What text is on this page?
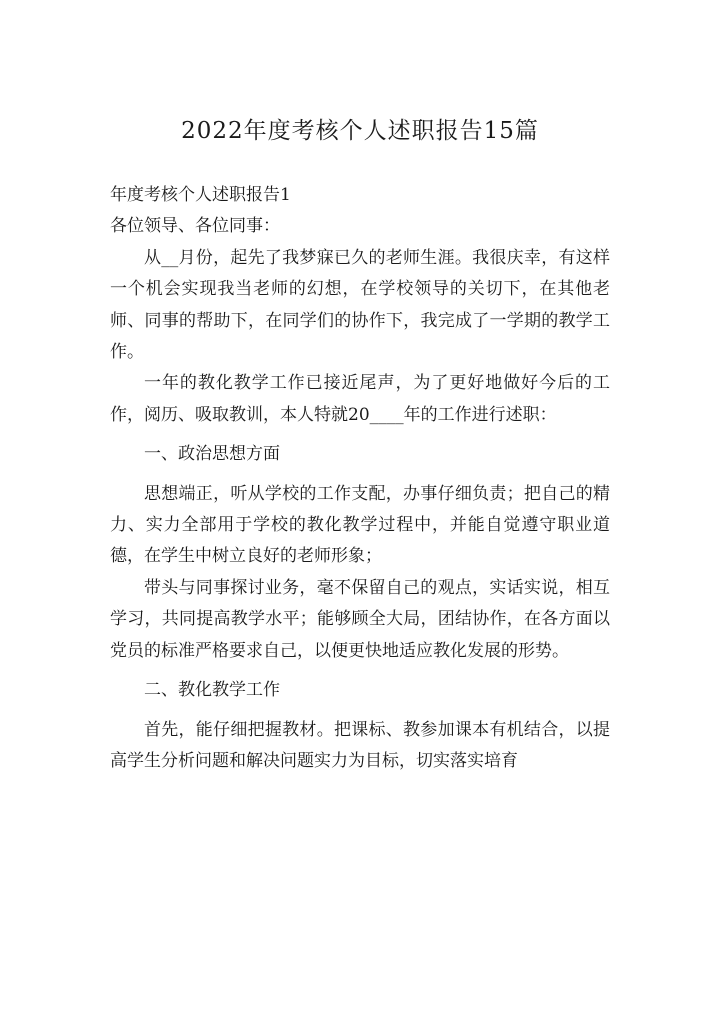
2022年度考核个人述职报告15篇

年度考核个人述职报告1

各位领导、各位同事：

从__月份，起先了我梦寐已久的老师生涯。我很庆幸，有这样一个机会实现我当老师的幻想，在学校领导的关切下，在其他老师、同事的帮助下，在同学们的协作下，我完成了一学期的教学工作。

一年的教化教学工作已接近尾声，为了更好地做好今后的工作，阅历、吸取教训，本人特就20____年的工作进行述职：

一、政治思想方面

思想端正，听从学校的工作支配，办事仔细负责；把自己的精力、实力全部用于学校的教化教学过程中，并能自觉遵守职业道德，在学生中树立良好的老师形象；

带头与同事探讨业务，毫不保留自己的观点，实话实说，相互学习，共同提高教学水平；能够顾全大局，团结协作，在各方面以党员的标准严格要求自己，以便更快地适应教化发展的形势。

二、教化教学工作

首先，能仔细把握教材。把课标、教参加课本有机结合，以提高学生分析问题和解决问题实力为目标，切实落实培育
